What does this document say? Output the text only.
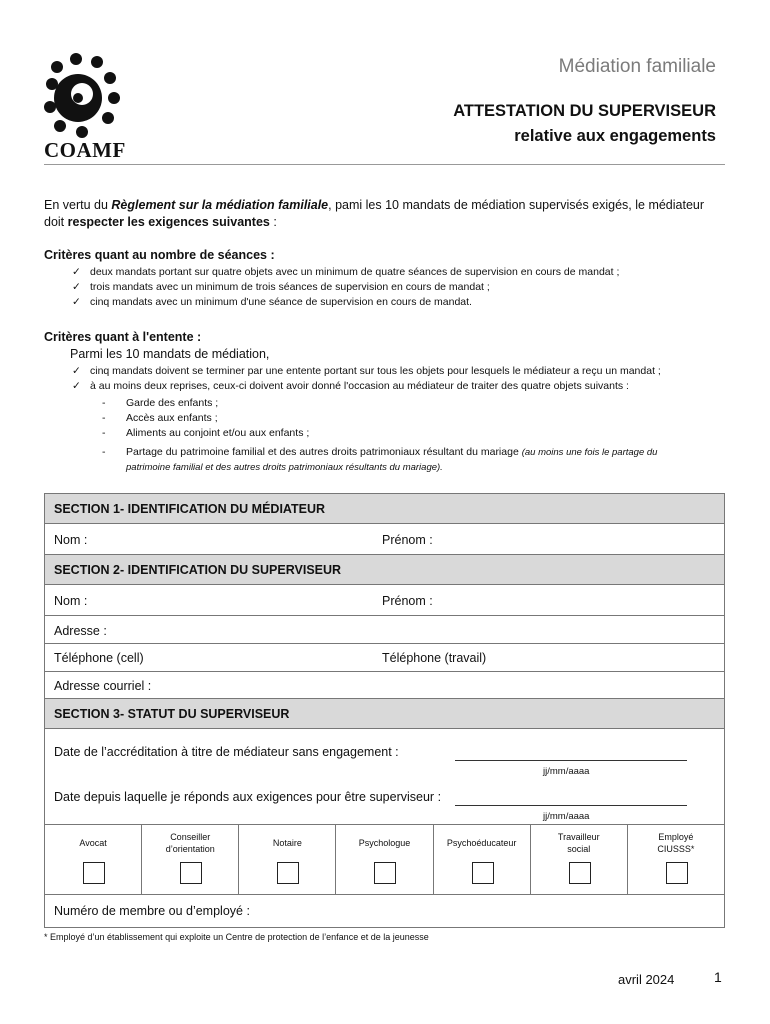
COAMF
Médiation familiale
ATTESTATION DU SUPERVISEUR
relative aux engagements
En vertu du Règlement sur la médiation familiale, pami les 10 mandats de médiation supervisés exigés, le médiateur
doit respecter les exigences suivantes :
Critères quant au nombre de séances :
✓ deux mandats portant sur quatre objets avec un minimum de quatre séances de supervision en cours de mandat ;
✓ trois mandats avec un minimum de trois séances de supervision en cours de mandat ;
✓ cinq mandats avec un minimum d'une séance de supervision en cours de mandat.
Critères quant à l'entente :
Parmi les 10 mandats de médiation,
✓ cinq mandats doivent se terminer par une entente portant sur tous les objets pour lesquels le médiateur a reçu un mandat ;
✓ à au moins deux reprises, ceux-ci doivent avoir donné l'occasion au médiateur de traiter des quatre objets suivants :
-	Garde des enfants ;
-	Accès aux enfants ;
-	Aliments au conjoint et/ou aux enfants ;
-	Partage du patrimoine familial et des autres droits patrimoniaux résultant du mariage (au moins une fois le partage du
patrimoine familial et des autres droits patrimoniaux résultants du mariage).
SECTION 1- IDENTIFICATION DU MÉDIATEUR
Nom :	Prénom :
SECTION 2- IDENTIFICATION DU SUPERVISEUR
Nom :	Prénom :
Adresse :
Téléphone (cell)	Téléphone (travail)
Adresse courriel :
SECTION 3- STATUT DU SUPERVISEUR
Date de l’accréditation à titre de médiateur sans engagement :
jj/mm/aaaa
Date depuis laquelle je réponds aux exigences pour être superviseur :
jj/mm/aaaa
Avocat
Conseiller
d’orientation
Notaire	Psychologue	Psychoéducateur
Travailleur
social
Employé
CIUSSS*
Numéro de membre ou d’employé :
* Employé d’un établissement qui exploite un Centre de protection de l’enfance et de la jeunesse
avril 2024	1
